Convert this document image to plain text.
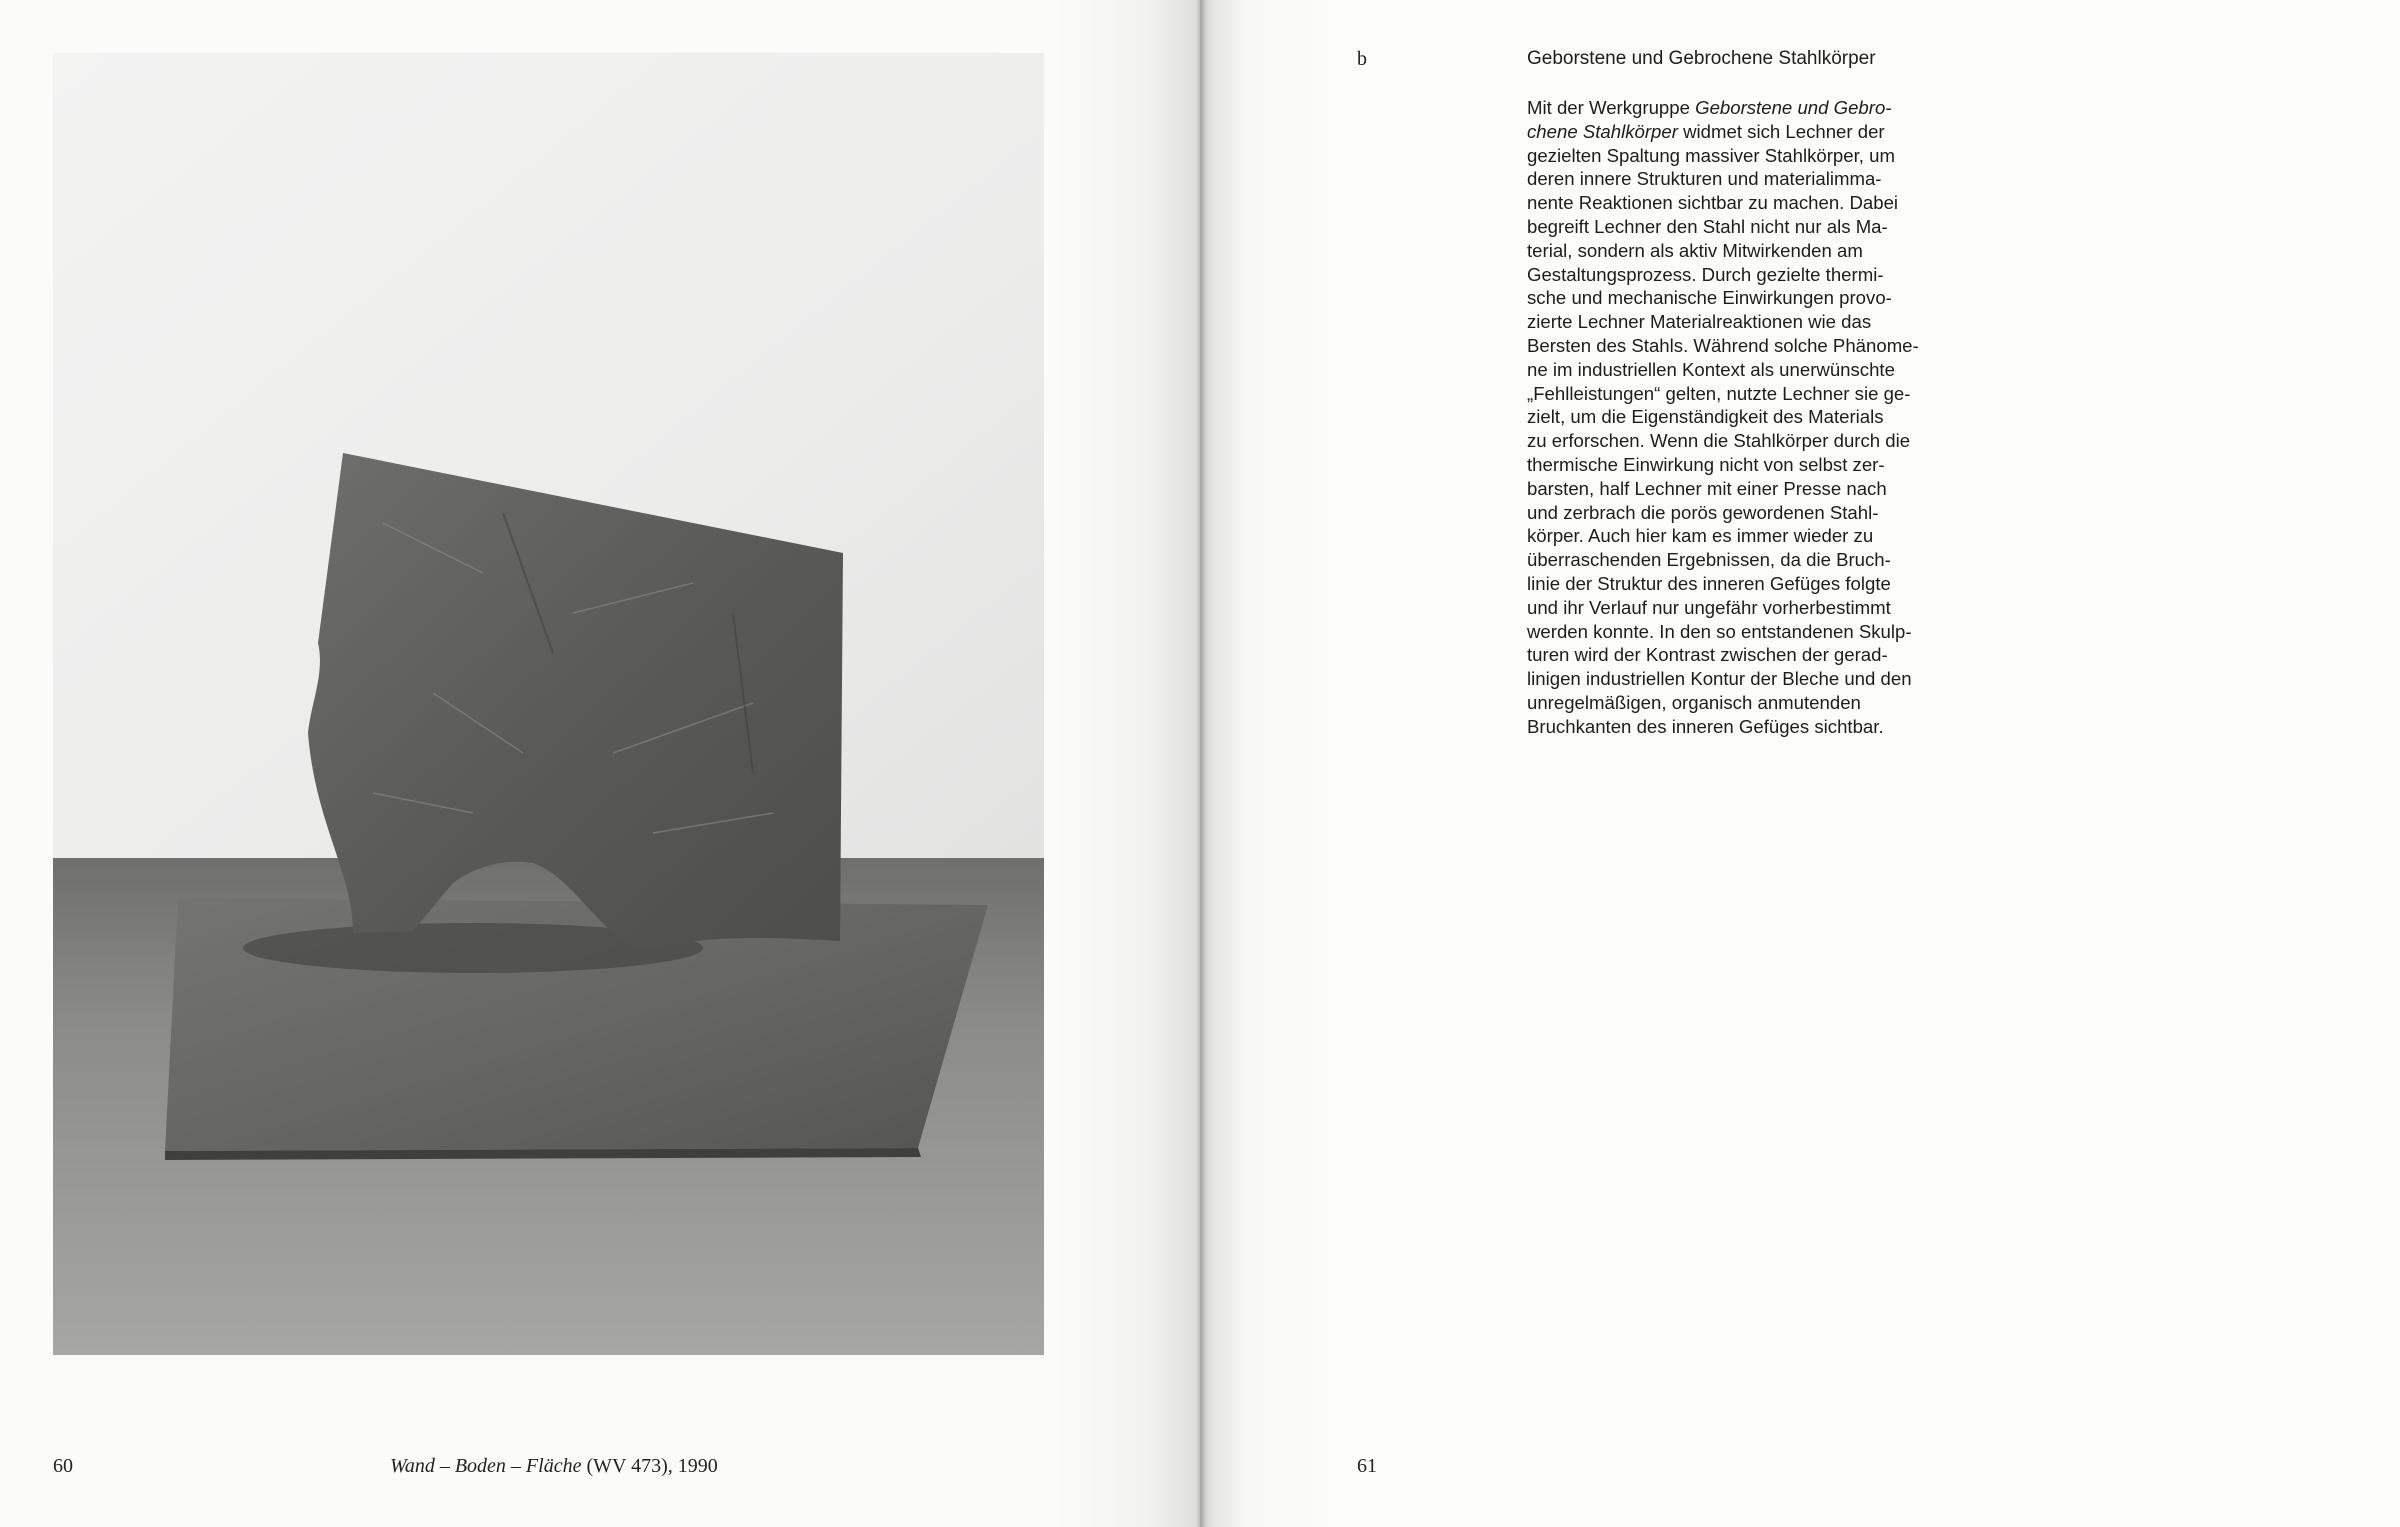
60	Wand – Boden – Fläche (WV 473), 1990
b	Geborstene und Gebrochene Stahlkörper
Mit der Werkgruppe Geborstene und Gebro-
chene Stahlkörper widmet sich Lechner der
gezielten Spaltung massiver Stahlkörper, um
deren innere Strukturen und materialimma-
nente Reaktionen sichtbar zu machen. Dabei
begreift Lechner den Stahl nicht nur als Ma-
terial, sondern als aktiv Mitwirkenden am
Gestaltungsprozess. Durch gezielte thermi-
sche und mechanische Einwirkungen provo-
zierte Lechner Materialreaktionen wie das
Bersten des Stahls. Während solche Phänome-
ne im industriellen Kontext als unerwünschte
„Fehlleistungen“ gelten, nutzte Lechner sie ge-
zielt, um die Eigenständigkeit des Materials
zu erforschen. Wenn die Stahlkörper durch die
thermische Einwirkung nicht von selbst zer-
barsten, half Lechner mit einer Presse nach
und zerbrach die porös gewordenen Stahl-
körper. Auch hier kam es immer wieder zu
überraschenden Ergebnissen, da die Bruch-
linie der Struktur des inneren Gefüges folgte
und ihr Verlauf nur ungefähr vorherbestimmt
werden konnte. In den so entstandenen Skulp-
turen wird der Kontrast zwischen der gerad-
linigen industriellen Kontur der Bleche und den
unregelmäßigen, organisch anmutenden
Bruchkanten des inneren Gefüges sichtbar.
61
